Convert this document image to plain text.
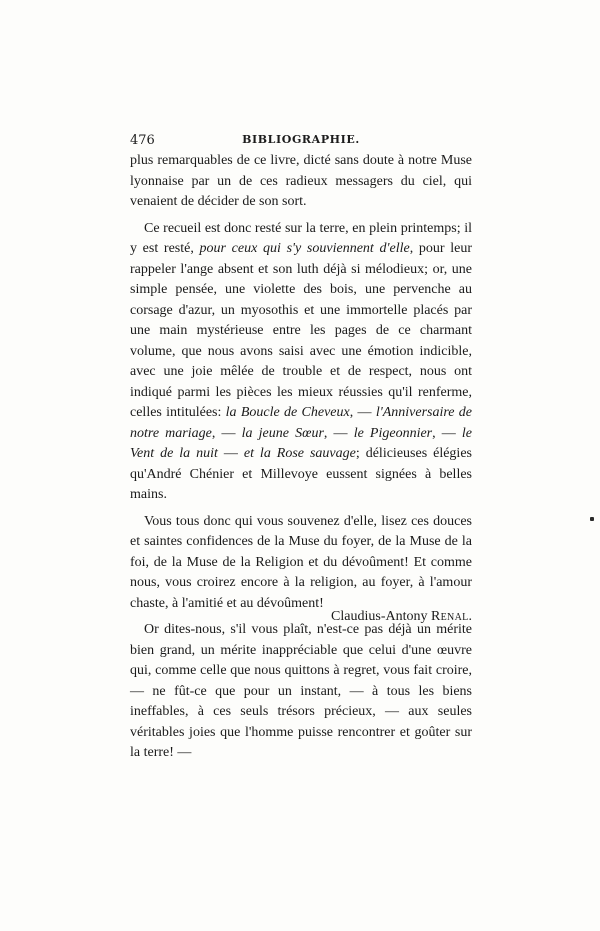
476	BIBLIOGRAPHIE.

plus remarquables de ce livre, dicté sans doute à notre Muse lyonnaise par un de ces radieux messagers du ciel, qui venaient de décider de son sort.

Ce recueil est donc resté sur la terre, en plein printemps; il y est resté, pour ceux qui s'y souviennent d'elle, pour leur rappeler l'ange absent et son luth déjà si mélodieux; or, une simple pensée, une violette des bois, une pervenche au corsage d'azur, un myosothis et une immortelle placés par une main mystérieuse entre les pages de ce charmant volume, que nous avons saisi avec une émotion indicible, avec une joie mêlée de trouble et de respect, nous ont indiqué parmi les pièces les mieux réussies qu'il renferme, celles intitulées: la Boucle de Cheveux, — l'Anniversaire de notre mariage, — la jeune Sœur, — le Pigeonnier, — le Vent de la nuit — et la Rose sauvage; délicieuses élégies qu'André Chénier et Millevoye eussent signées à belles mains.

Vous tous donc qui vous souvenez d'elle, lisez ces douces et saintes confidences de la Muse du foyer, de la Muse de la foi, de la Muse de la Religion et du dévoûment! Et comme nous, vous croirez encore à la religion, au foyer, à l'amour chaste, à l'amitié et au dévoûment!

Or dites-nous, s'il vous plaît, n'est-ce pas déjà un mérite bien grand, un mérite inappréciable que celui d'une œuvre qui, comme celle que nous quittons à regret, vous fait croire, — ne fût-ce que pour un instant, — à tous les biens ineffables, à ces seuls trésors précieux, — aux seules véritables joies que l'homme puisse rencontrer et goûter sur la terre! —

Claudius-Antony Renal.
